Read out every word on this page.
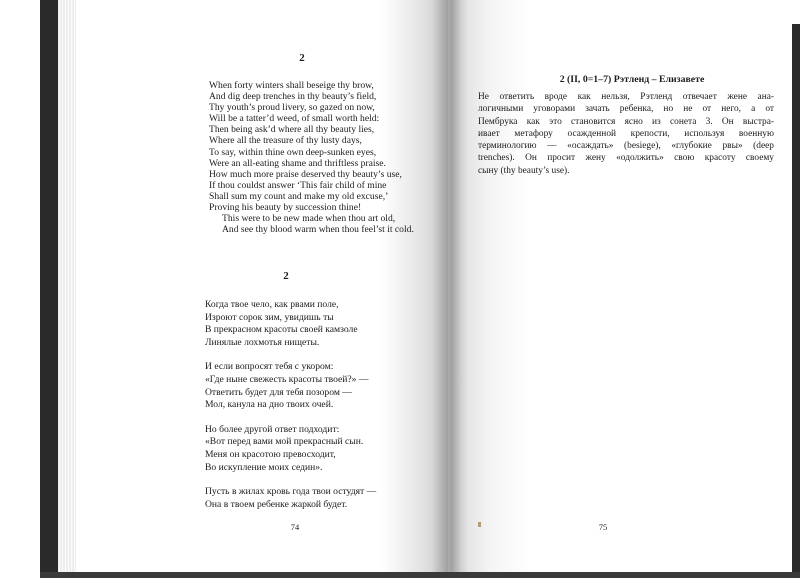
2
When forty winters shall beseige thy brow,
And dig deep trenches in thy beauty’s field,
Thy youth’s proud livery, so gazed on now,
Will be a tatter’d weed, of small worth held:
Then being ask’d where all thy beauty lies,
Where all the treasure of thy lusty days,
To say, within thine own deep-sunken eyes,
Were an all-eating shame and thriftless praise.
How much more praise deserved thy beauty’s use,
If thou couldst answer ‘This fair child of mine
Shall sum my count and make my old excuse,’
Proving his beauty by succession thine!
This were to be new made when thou art old,
And see thy blood warm when thou feel’st it cold.
2
Когда твое чело, как рвами поле,
Изроют сорок зим, увидишь ты
В прекрасном красоты своей камзоле
Линялые лохмотья нищеты.
И если вопросят тебя с укором:
«Где ныне свежесть красоты твоей?» —
Ответить будет для тебя позором —
Мол, канула на дно твоих очей.
Но более другой ответ подходит:
«Вот перед вами мой прекрасный сын.
Меня он красотою превосходит,
Во искупление моих седин».
Пусть в жилах кровь года твои остудят —
Она в твоем ребенке жаркой будет.
74
2 (II, 0=1–7) Рэтленд – Елизавете
Не ответить вроде как нельзя, Рэтленд отвечает жене ана-
логичными уговорами зачать ребенка, но не от него, а от
Пембрука как это становится ясно из сонета 3. Он выстра-
ивает метафору осажденной крепости, используя военную
терминологию — «осаждать» (besiege), «глубокие рвы» (deep
trenches). Он просит жену «одолжить» свою красоту своему
сыну (thy beauty’s use).
75
